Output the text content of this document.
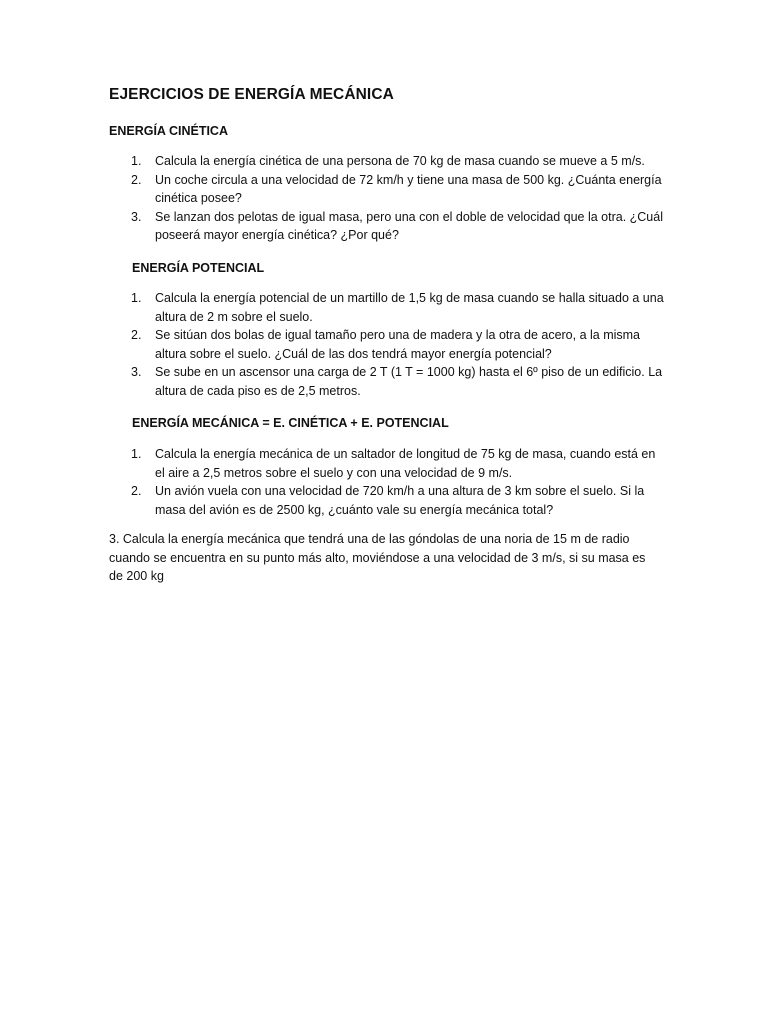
EJERCICIOS DE ENERGÍA MECÁNICA
ENERGÍA CINÉTICA
1. Calcula la energía cinética de una persona de 70 kg de masa cuando se mueve a 5 m/s.
2. Un coche circula a una velocidad de 72 km/h y tiene una masa de 500 kg. ¿Cuánta energía cinética posee?
3. Se lanzan dos pelotas de igual masa, pero una con el doble de velocidad que la otra. ¿Cuál poseerá mayor energía cinética? ¿Por qué?
ENERGÍA POTENCIAL
1. Calcula la energía potencial de un martillo de 1,5 kg de masa cuando se halla situado a una altura de 2 m sobre el suelo.
2. Se sitúan dos bolas de igual tamaño pero una de madera y la otra de acero, a la misma altura sobre el suelo. ¿Cuál de las dos tendrá mayor energía potencial?
3. Se sube en un ascensor una carga de 2 T (1 T = 1000 kg) hasta el 6º piso de un edificio. La altura de cada piso es de 2,5 metros.
ENERGÍA MECÁNICA = E. CINÉTICA + E. POTENCIAL
1. Calcula la energía mecánica de un saltador de longitud de 75 kg de masa, cuando está en el aire a 2,5 metros sobre el suelo y con una velocidad de 9 m/s.
2. Un avión vuela con una velocidad de 720 km/h a una altura de 3 km sobre el suelo. Si la masa del avión es de 2500 kg, ¿cuánto vale su energía mecánica total?

3. Calcula la energía mecánica que tendrá una de las góndolas de una noria de 15 m de radio cuando se encuentra en su punto más alto, moviéndose a una velocidad de 3 m/s, si su masa es de 200 kg
